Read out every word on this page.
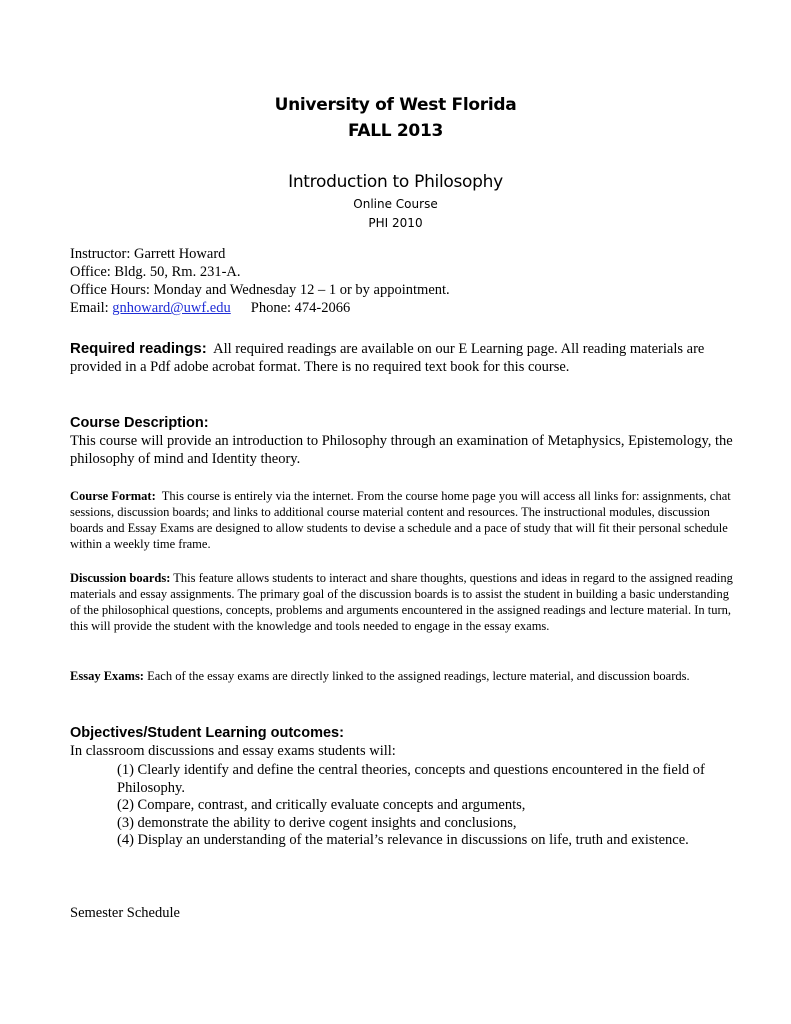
University of West Florida
FALL 2013
Introduction to Philosophy
Online Course
PHI 2010
Instructor: Garrett Howard
Office: Bldg. 50, Rm. 231-A.
Office Hours: Monday and Wednesday 12 – 1 or by appointment.
Email: gnhoward@uwf.edu Phone: 474-2066
Required readings: All required readings are available on our E Learning page. All reading materials are provided in a Pdf adobe acrobat format. There is no required text book for this course.
Course Description:
This course will provide an introduction to Philosophy through an examination of Metaphysics, Epistemology, the philosophy of mind and Identity theory.
Course Format: This course is entirely via the internet. From the course home page you will access all links for: assignments, chat sessions, discussion boards; and links to additional course material content and resources. The instructional modules, discussion boards and Essay Exams are designed to allow students to devise a schedule and a pace of study that will fit their personal schedule within a weekly time frame.
Discussion boards: This feature allows students to interact and share thoughts, questions and ideas in regard to the assigned reading materials and essay assignments. The primary goal of the discussion boards is to assist the student in building a basic understanding of the philosophical questions, concepts, problems and arguments encountered in the assigned readings and lecture material. In turn, this will provide the student with the knowledge and tools needed to engage in the essay exams.
Essay Exams: Each of the essay exams are directly linked to the assigned readings, lecture material, and discussion boards.
Objectives/Student Learning outcomes:
In classroom discussions and essay exams students will:

(1) Clearly identify and define the central theories, concepts and questions encountered in the field of Philosophy.

(2) Compare, contrast, and critically evaluate concepts and arguments,

(3) demonstrate the ability to derive cogent insights and conclusions,

(4) Display an understanding of the material’s relevance in discussions on life, truth and existence.

Semester Schedule
